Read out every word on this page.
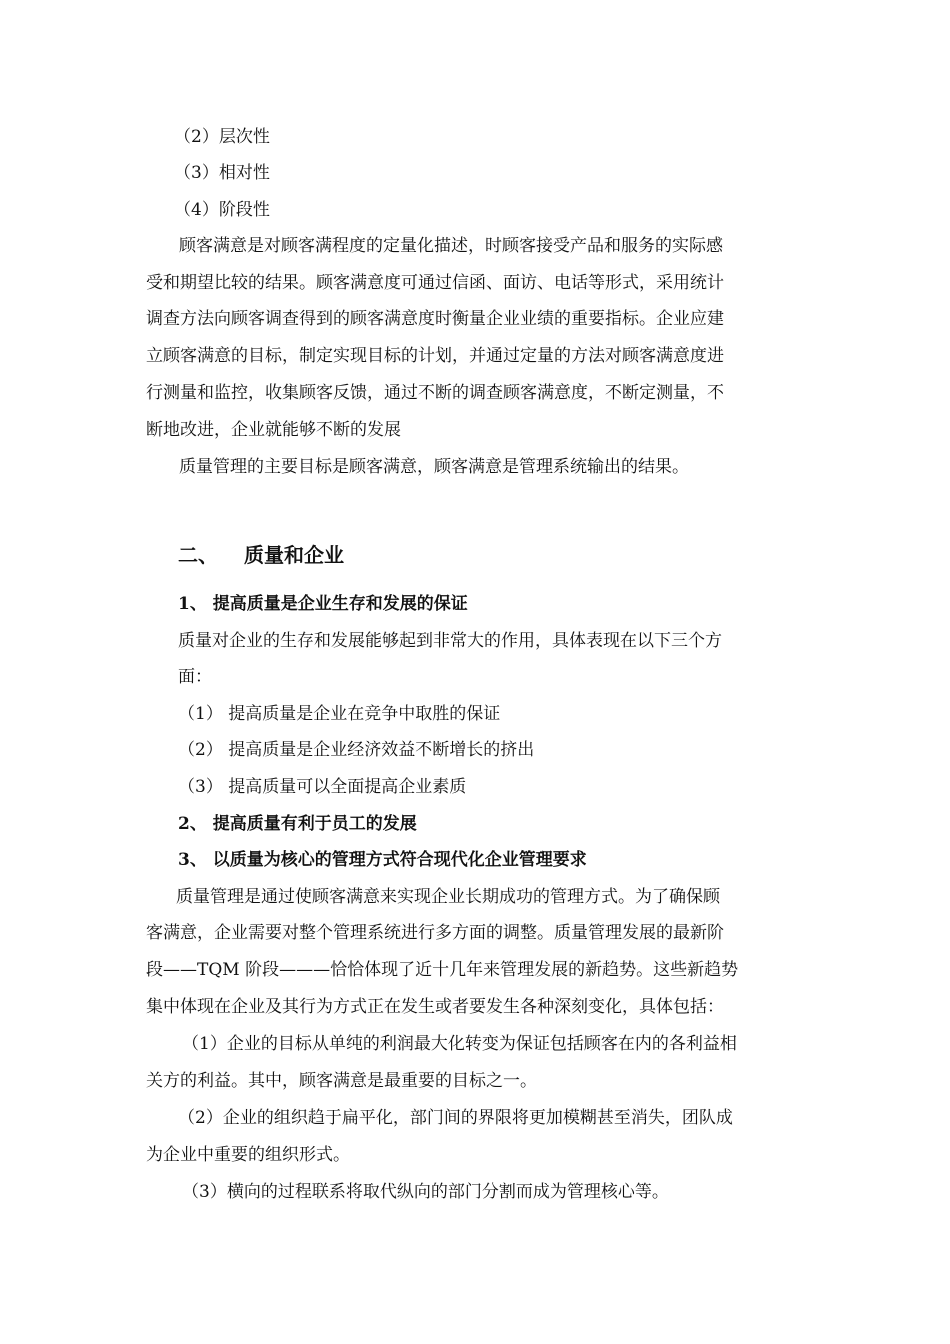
（2）层次性
（3）相对性
（4）阶段性
顾客满意是对顾客满程度的定量化描述，时顾客接受产品和服务的实际感
受和期望比较的结果。顾客满意度可通过信函、面访、电话等形式，采用统计
调查方法向顾客调查得到的顾客满意度时衡量企业业绩的重要指标。企业应建
立顾客满意的目标，制定实现目标的计划，并通过定量的方法对顾客满意度进
行测量和监控，收集顾客反馈，通过不断的调查顾客满意度，不断定测量，不
断地改进，企业就能够不断的发展
质量管理的主要目标是顾客满意，顾客满意是管理系统输出的结果。
二、 质量和企业
1、 提高质量是企业生存和发展的保证
质量对企业的生存和发展能够起到非常大的作用，具体表现在以下三个方
面：
（1） 提高质量是企业在竞争中取胜的保证
（2） 提高质量是企业经济效益不断增长的挤出
（3） 提高质量可以全面提高企业素质
2、 提高质量有利于员工的发展
3、 以质量为核心的管理方式符合现代化企业管理要求
质量管理是通过使顾客满意来实现企业长期成功的管理方式。为了确保顾
客满意，企业需要对整个管理系统进行多方面的调整。质量管理发展的最新阶
段——TQM 阶段———恰恰体现了近十几年来管理发展的新趋势。这些新趋势
集中体现在企业及其行为方式正在发生或者要发生各种深刻变化，具体包括：
（1）企业的目标从单纯的利润最大化转变为保证包括顾客在内的各利益相
关方的利益。其中，顾客满意是最重要的目标之一。
（2）企业的组织趋于扁平化，部门间的界限将更加模糊甚至消失，团队成
为企业中重要的组织形式。
（3）横向的过程联系将取代纵向的部门分割而成为管理核心等。
